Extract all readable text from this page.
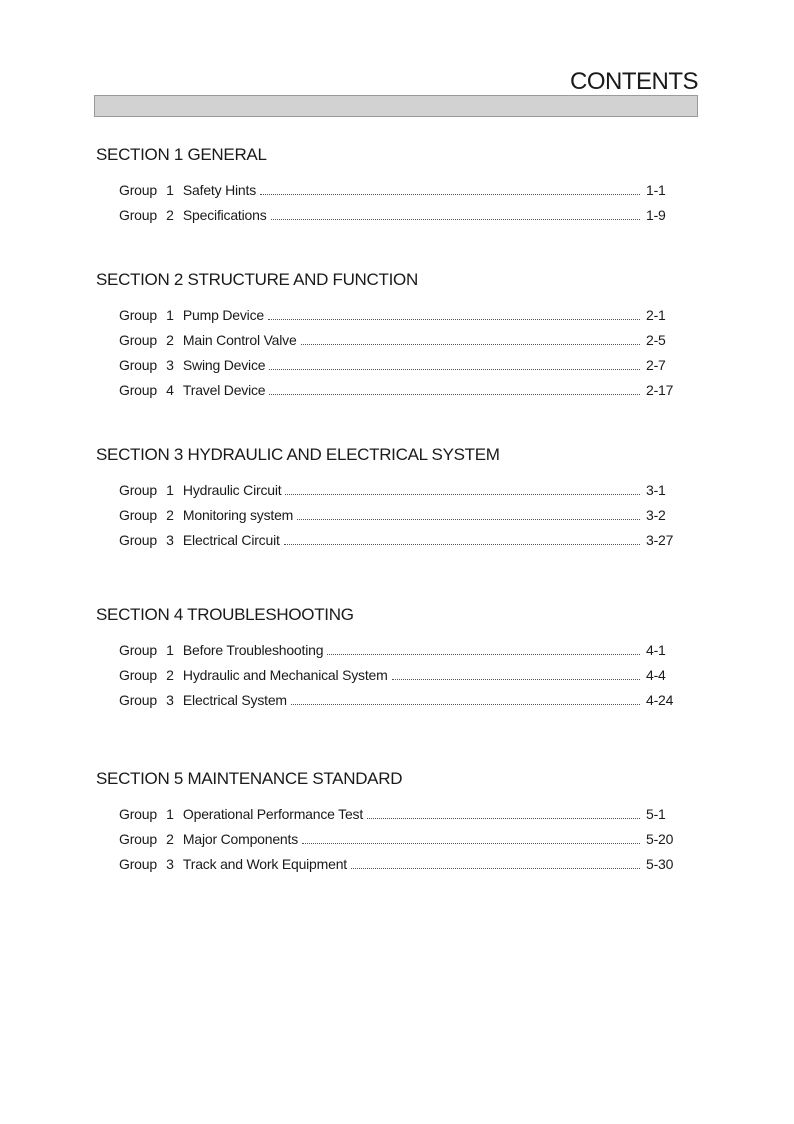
CONTENTS
SECTION 1 GENERAL
Group 1 Safety Hints	1-1
Group 2 Specifications	1-9
SECTION 2 STRUCTURE AND FUNCTION
Group 1 Pump Device	2-1
Group 2 Main Control Valve	2-5
Group 3 Swing Device	2-7
Group 4 Travel Device	2-17
SECTION 3 HYDRAULIC AND ELECTRICAL SYSTEM
Group 1 Hydraulic Circuit	3-1
Group 2 Monitoring system	3-2
Group 3 Electrical Circuit	3-27
SECTION 4 TROUBLESHOOTING
Group 1 Before Troubleshooting	4-1
Group 2 Hydraulic and Mechanical System	4-4
Group 3 Electrical System	4-24
SECTION 5 MAINTENANCE STANDARD
Group 1 Operational Performance Test	5-1
Group 2 Major Components	5-20
Group 3 Track and Work Equipment	5-30
